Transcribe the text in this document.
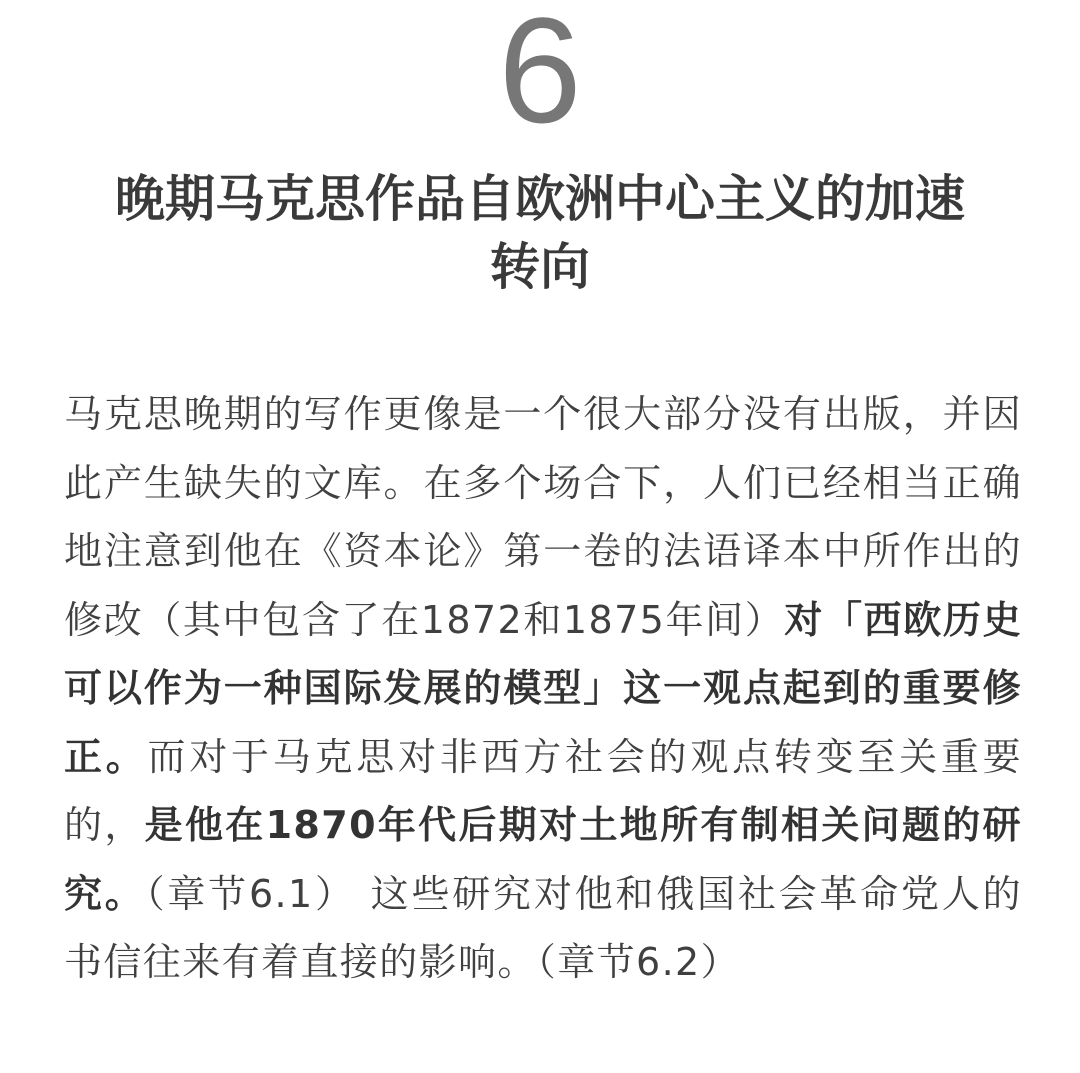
6
晚期马克思作品自欧洲中心主义的加速
转向

马克思晚期的写作更像是一个很大部分没有出版，并因此产生缺失的文库。在多个场合下，人们已经相当正确地注意到他在《资本论》第一卷的法语译本中所作出的修改（其中包含了在1872和1875年间）对「西欧历史可以作为一种国际发展的模型」这一观点起到的重要修正。而对于马克思对非西方社会的观点转变至关重要的，是他在1870年代后期对土地所有制相关问题的研究。（章节6.1） 这些研究对他和俄国社会革命党人的书信往来有着直接的影响。（章节6.2）
